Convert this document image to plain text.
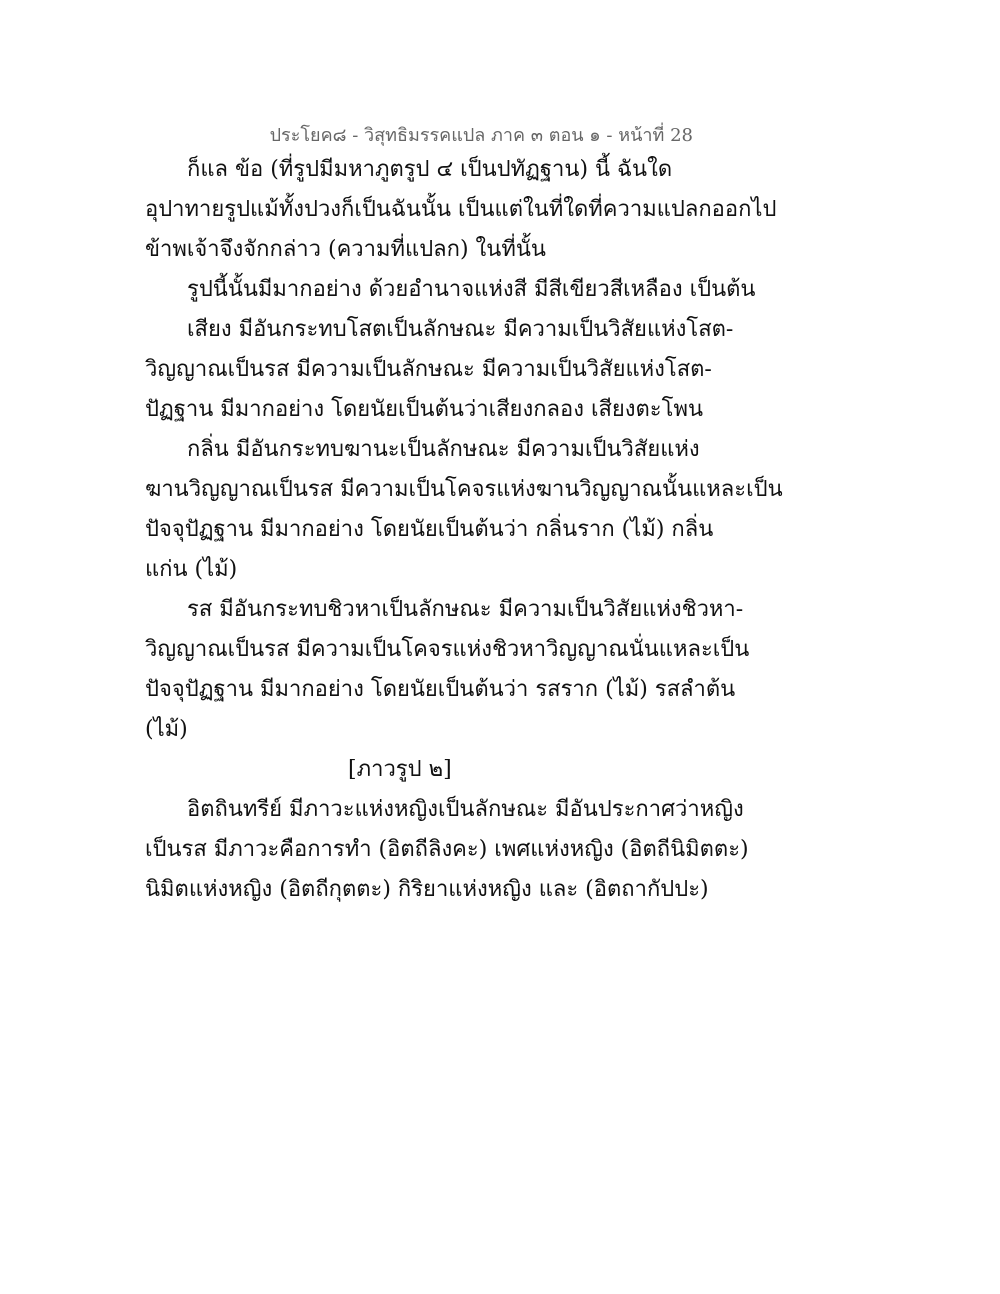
ประโยค๘ - วิสุทธิมรรคแปล ภาค ๓ ตอน ๑ - หน้าที่ 28
ก็แล ข้อ (ที่รูปมีมหาภูตรูป ๔ เป็นปทัฏฐาน) นี้ ฉันใด
อุปาทายรูปแม้ทั้งปวงก็เป็นฉันนั้น เป็นแต่ในที่ใดที่ความแปลกออกไป
ข้าพเจ้าจึงจักกล่าว (ความที่แปลก) ในที่นั้น
รูปนี้นั้นมีมากอย่าง ด้วยอำนาจแห่งสี มีสีเขียวสีเหลือง เป็นต้น
เสียง มีอันกระทบโสตเป็นลักษณะ มีความเป็นวิสัยแห่งโสต-
วิญญาณเป็นรส มีความเป็นลักษณะ มีความเป็นวิสัยแห่งโสต-
ปัฏฐาน มีมากอย่าง โดยนัยเป็นต้นว่าเสียงกลอง เสียงตะโพน
กลิ่น มีอันกระทบฆานะเป็นลักษณะ มีความเป็นวิสัยแห่ง
ฆานวิญญาณเป็นรส มีความเป็นโคจรแห่งฆานวิญญาณนั้นแหละเป็น
ปัจจุปัฏฐาน มีมากอย่าง โดยนัยเป็นต้นว่า กลิ่นราก (ไม้) กลิ่น
แก่น (ไม้)
รส มีอันกระทบชิวหาเป็นลักษณะ มีความเป็นวิสัยแห่งชิวหา-
วิญญาณเป็นรส มีความเป็นโคจรแห่งชิวหาวิญญาณนั่นแหละเป็น
ปัจจุปัฏฐาน มีมากอย่าง โดยนัยเป็นต้นว่า รสราก (ไม้) รสลำต้น
(ไม้)
[ภาวรูป ๒]
อิตถินทรีย์ มีภาวะแห่งหญิงเป็นลักษณะ มีอันประกาศว่าหญิง
เป็นรส มีภาวะคือการทำ (อิตถีลิงคะ) เพศแห่งหญิง (อิตถีนิมิตตะ)
นิมิตแห่งหญิง (อิตถีกุตตะ) กิริยาแห่งหญิง และ (อิตถากัปปะ)
